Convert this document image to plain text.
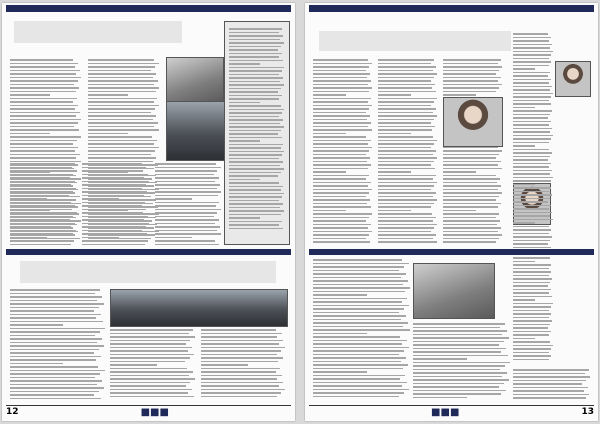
12	■■■	■■■	13
